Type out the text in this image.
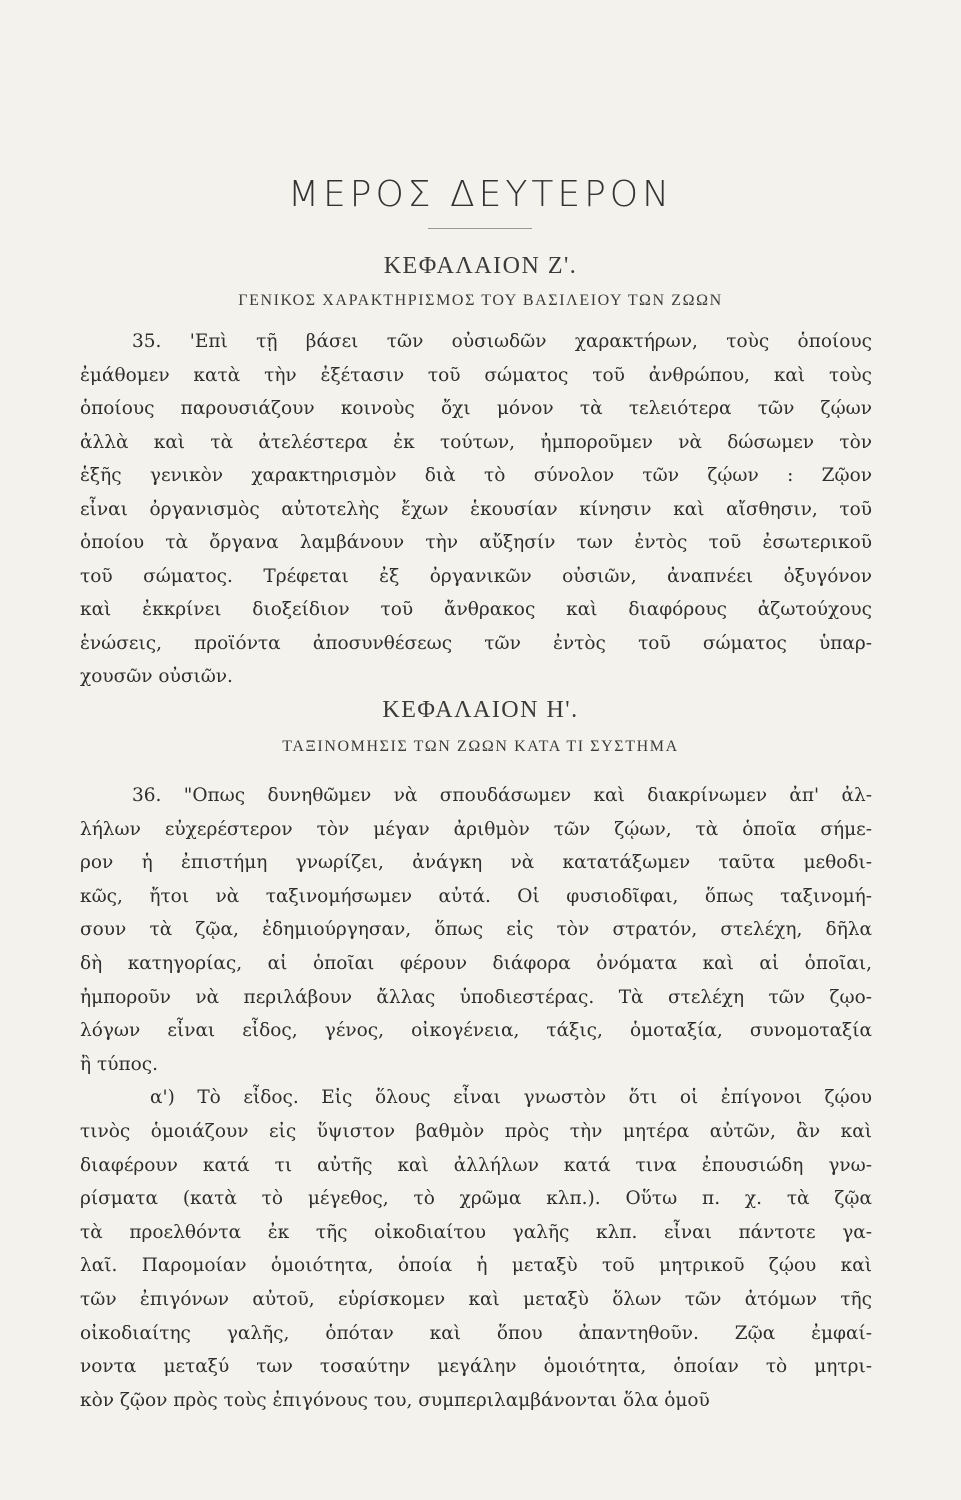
ΜΕΡΟΣ ΔΕΥΤΕΡΟΝ
ΚΕΦΑΛΑΙΟΝ Ζ'.
ΓΕΝΙΚΟΣ ΧΑΡΑΚΤΗΡΙΣΜΟΣ ΤΟΥ ΒΑΣΙΛΕΙΟΥ ΤΩΝ ΖΩΩΝ
35. 'Επὶ τῇ βάσει τῶν οὐσιωδῶν χαρακτήρων, τοὺς ὁποίους
ἐμάθομεν κατὰ τὴν ἐξέτασιν τοῦ σώματος τοῦ ἀνθρώπου, καὶ τοὺς
ὁποίους παρουσιάζουν κοινοὺς ὄχι μόνον τὰ τελειότερα τῶν ζῴων
ἀλλὰ καὶ τὰ ἀτελέστερα ἐκ τούτων, ἠμποροῦμεν νὰ δώσωμεν τὸν
ἑξῆς γενικὸν χαρακτηρισμὸν διὰ τὸ σύνολον τῶν ζῴων : Ζῷον
εἶναι ὀργανισμὸς αὐτοτελὴς ἔχων ἑκουσίαν κίνησιν καὶ αἴσθησιν, τοῦ
ὁποίου τὰ ὄργανα λαμβάνουν τὴν αὔξησίν των ἐντὸς τοῦ ἐσωτερικοῦ
τοῦ σώματος. Τρέφεται ἐξ ὀργανικῶν οὐσιῶν, ἀναπνέει ὀξυγόνον
καὶ ἐκκρίνει διοξείδιον τοῦ ἄνθρακος καὶ διαφόρους ἀζωτούχους
ἑνώσεις, προϊόντα ἀποσυνθέσεως τῶν ἐντὸς τοῦ σώματος ὑπαρ-
χουσῶν οὐσιῶν.
ΚΕΦΑΛΑΙΟΝ Η'.
ΤΑΞΙΝΟΜΗΣΙΣ ΤΩΝ ΖΩΩΝ ΚΑΤΑ ΤΙ ΣΥΣΤΗΜΑ
36. "Οπως δυνηθῶμεν νὰ σπουδάσωμεν καὶ διακρίνωμεν ἀπ' ἀλ-
λήλων εὐχερέστερον τὸν μέγαν ἀριθμὸν τῶν ζῴων, τὰ ὁποῖα σήμε-
ρον ἡ ἐπιστήμη γνωρίζει, ἀνάγκη νὰ κατατάξωμεν ταῦτα μεθοδι-
κῶς, ἤτοι νὰ ταξινομήσωμεν αὐτά. Οἱ φυσιοδῖφαι, ὅπως ταξινομή-
σουν τὰ ζῷα, ἐδημιούργησαν, ὅπως εἰς τὸν στρατόν, στελέχη, δῆλα
δὴ κατηγορίας, αἱ ὁποῖαι φέρουν διάφορα ὀνόματα καὶ αἱ ὁποῖαι,
ἠμποροῦν νὰ περιλάβουν ἄλλας ὑποδιεστέρας. Τὰ στελέχη τῶν ζῳο-
λόγων εἶναι εἶδος, γένος, οἰκογένεια, τάξις, ὁμοταξία, συνομοταξία
ἢ τύπος.
α') Τὸ εἶδος. Εἰς ὅλους εἶναι γνωστὸν ὅτι οἱ ἐπίγονοι ζῴου
τινὸς ὁμοιάζουν εἰς ὕψιστον βαθμὸν πρὸς τὴν μητέρα αὐτῶν, ἂν καὶ
διαφέρουν κατά τι αὐτῆς καὶ ἀλλήλων κατά τινα ἐπουσιώδη γνω-
ρίσματα (κατὰ τὸ μέγεθος, τὸ χρῶμα κλπ.). Οὕτω π. χ. τὰ ζῷα
τὰ προελθόντα ἐκ τῆς οἰκοδιαίτου γαλῆς κλπ. εἶναι πάντοτε γα-
λαῖ. Παρομοίαν ὁμοιότητα, ὁποία ἡ μεταξὺ τοῦ μητρικοῦ ζῴου καὶ
τῶν ἐπιγόνων αὐτοῦ, εὑρίσκομεν καὶ μεταξὺ ὅλων τῶν ἀτόμων τῆς
οἰκοδιαίτης γαλῆς, ὁπόταν καὶ ὅπου ἀπαντηθοῦν. Ζῷα ἐμφαί-
νοντα μεταξύ των τοσαύτην μεγάλην ὁμοιότητα, ὁποίαν τὸ μητρι-
κὸν ζῷον πρὸς τοὺς ἐπιγόνους του, συμπεριλαμβάνονται ὅλα ὁμοῦ
